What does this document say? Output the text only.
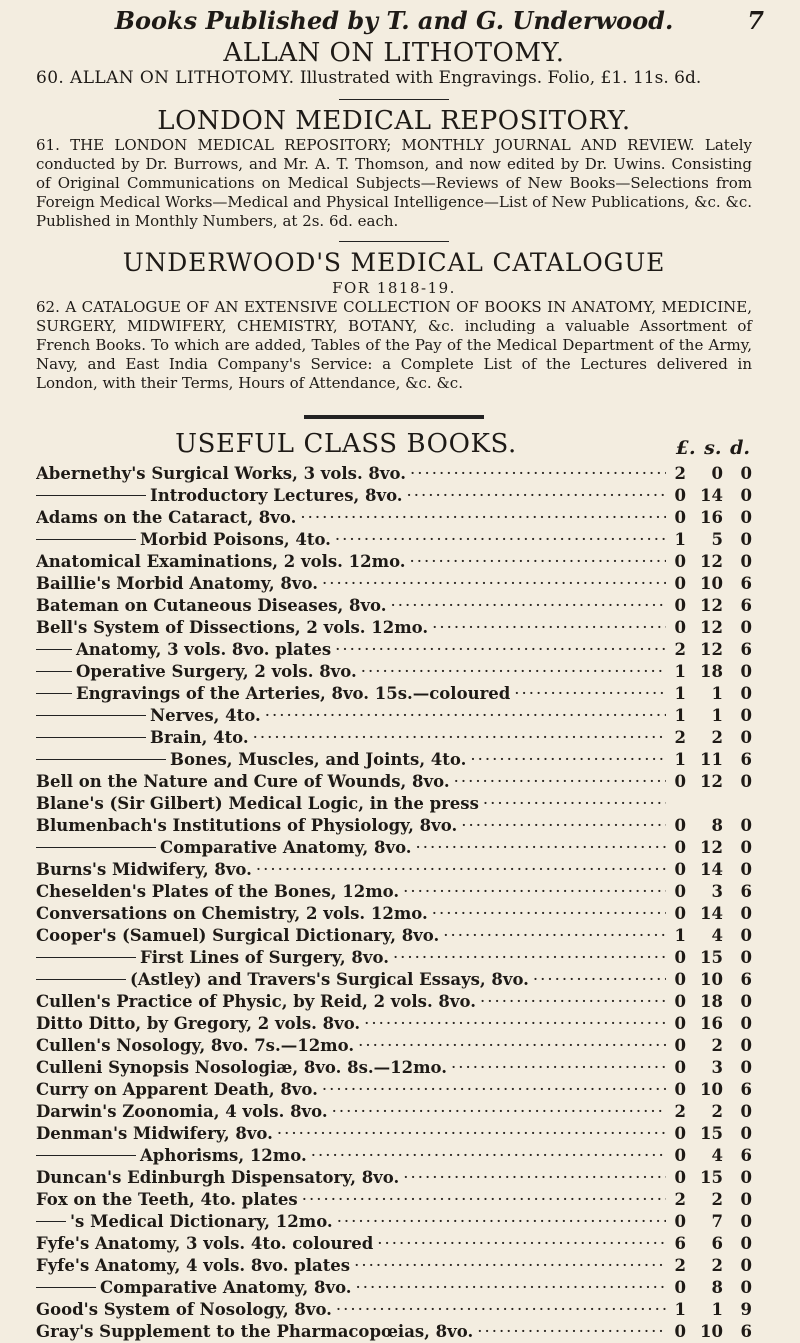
Books Published by T. and G. Underwood.	7
ALLAN ON LITHOTOMY.

60. ALLAN ON LITHOTOMY. Illustrated with Engravings. Folio, £1. 11s. 6d.

LONDON MEDICAL REPOSITORY.

61. THE LONDON MEDICAL REPOSITORY; MONTHLY JOURNAL AND REVIEW. Lately conducted by Dr. Burrows, and Mr. A. T. Thomson, and now edited by Dr. Uwins. Consisting of Original Communications on Medical Subjects—Reviews of New Books—Selections from Foreign Medical Works—Medical and Physical Intelligence—List of New Publications, &c. &c. Published in Monthly Numbers, at 2s. 6d. each.

UNDERWOOD'S MEDICAL CATALOGUE
FOR 1818-19.

62. A CATALOGUE OF AN EXTENSIVE COLLECTION OF BOOKS IN ANATOMY, MEDICINE, SURGERY, MIDWIFERY, CHEMISTRY, BOTANY, &c. including a valuable Assortment of French Books. To which are added, Tables of the Pay of the Medical Department of the Army, Navy, and East India Company's Service: a Complete List of the Lectures delivered in London, with their Terms, Hours of Attendance, &c. &c.

USEFUL CLASS BOOKS.	£. s. d.
Abernethy's Surgical Works, 3 vols. 8vo. ·····	2	0 0
Introductory Lectures, 8vo. ·····	0 14 0
Adams on the Cataract, 8vo. ·····	0 16 0
Morbid Poisons, 4to. ·····	1	5 0
Anatomical Examinations, 2 vols. 12mo. ·····	0 12 0
Baillie's Morbid Anatomy, 8vo. ·····	0 10 6
Bateman on Cutaneous Diseases, 8vo. ·····	0 12 6
Bell's System of Dissections, 2 vols. 12mo. ·····	0 12 0
Anatomy, 3 vols. 8vo. plates ·····	2 12 6
Operative Surgery, 2 vols. 8vo. ·····	1 18 0
Engravings of the Arteries, 8vo. 15s.—coloured ·····	1	1 0
Nerves, 4to. ·····	1	1 0
Brain, 4to. ·····	2	2 0
Bones, Muscles, and Joints, 4to. ·····	1 11 6
Bell on the Nature and Cure of Wounds, 8vo. ·····	0 12 0
Blane's (Sir Gilbert) Medical Logic, in the press
·····
Blumenbach's Institutions of Physiology, 8vo. ·····	0	8 0
Comparative Anatomy, 8vo. ·····	0 12 0
Burns's Midwifery, 8vo. ·····	0 14 0
Cheselden's Plates of the Bones, 12mo. ·····	0	3 6
Conversations on Chemistry, 2 vols. 12mo. ·····	0 14 0
Cooper's (Samuel) Surgical Dictionary, 8vo. ·····	1	4 0
First Lines of Surgery, 8vo. ·····	0 15 0
(Astley) and Travers's Surgical Essays, 8vo. ·····	0 10 6
Cullen's Practice of Physic, by Reid, 2 vols. 8vo. ·····	0 18 0
Ditto Ditto, by Gregory, 2 vols. 8vo. ·····	0 16 0
Cullen's Nosology, 8vo. 7s.—12mo. ·····	0	2 0
Culleni Synopsis Nosologiæ, 8vo. 8s.—12mo. ·····	0	3 0
Curry on Apparent Death, 8vo. ·····	0 10 6
Darwin's Zoonomia, 4 vols. 8vo. ·····	2	2 0
Denman's Midwifery, 8vo. ·····	0 15 0
Aphorisms, 12mo. ·····	0	4 6
Duncan's Edinburgh Dispensatory, 8vo. ·····	0 15 0
Fox on the Teeth, 4to. plates ·····	2	2 0
's Medical Dictionary, 12mo. ·····	0	7 0
Fyfe's Anatomy, 3 vols. 4to. coloured ·····	6	6 0
Fyfe's Anatomy, 4 vols. 8vo. plates ·····	2	2 0
Comparative Anatomy, 8vo. ·····	0	8 0
Good's System of Nosology, 8vo. ·····	1	1 9
Gray's Supplement to the Pharmacopœias, 8vo. ·····	0 10 6
